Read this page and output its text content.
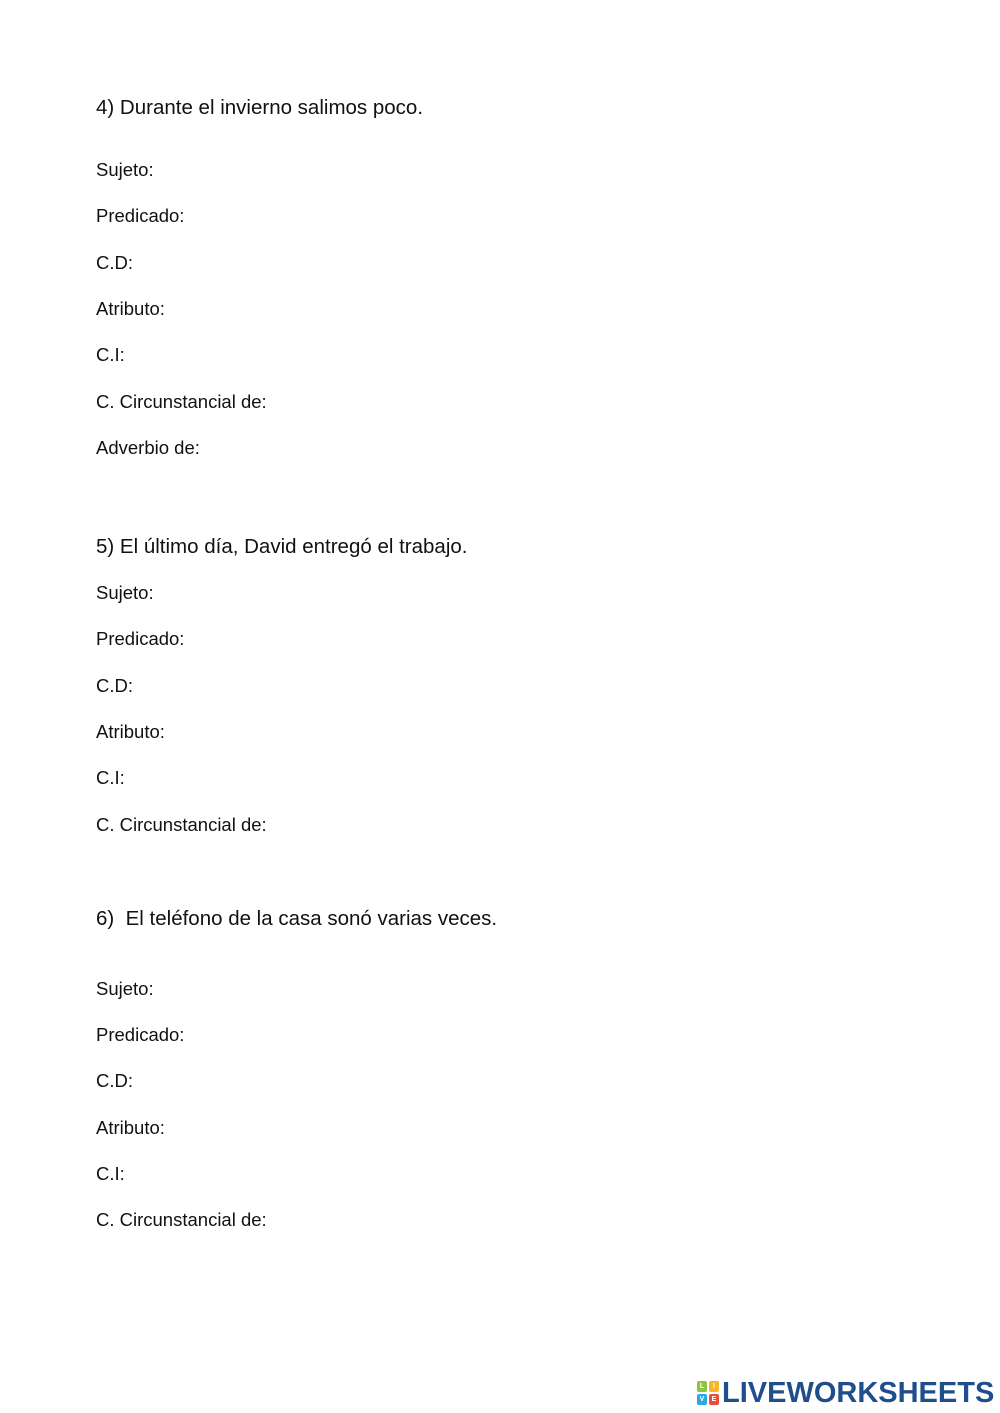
4) Durante el invierno salimos poco.
Sujeto:
Predicado:
C.D:
Atributo:
C.I:
C. Circunstancial de:
Adverbio de:
5) El último día, David entregó el trabajo.
Sujeto:
Predicado:
C.D:
Atributo:
C.I:
C. Circunstancial de:
6)  El teléfono de la casa sonó varias veces.
Sujeto:
Predicado:
C.D:
Atributo:
C.I:
C. Circunstancial de:
L	I
V	E LIVEWORKSHEETS
